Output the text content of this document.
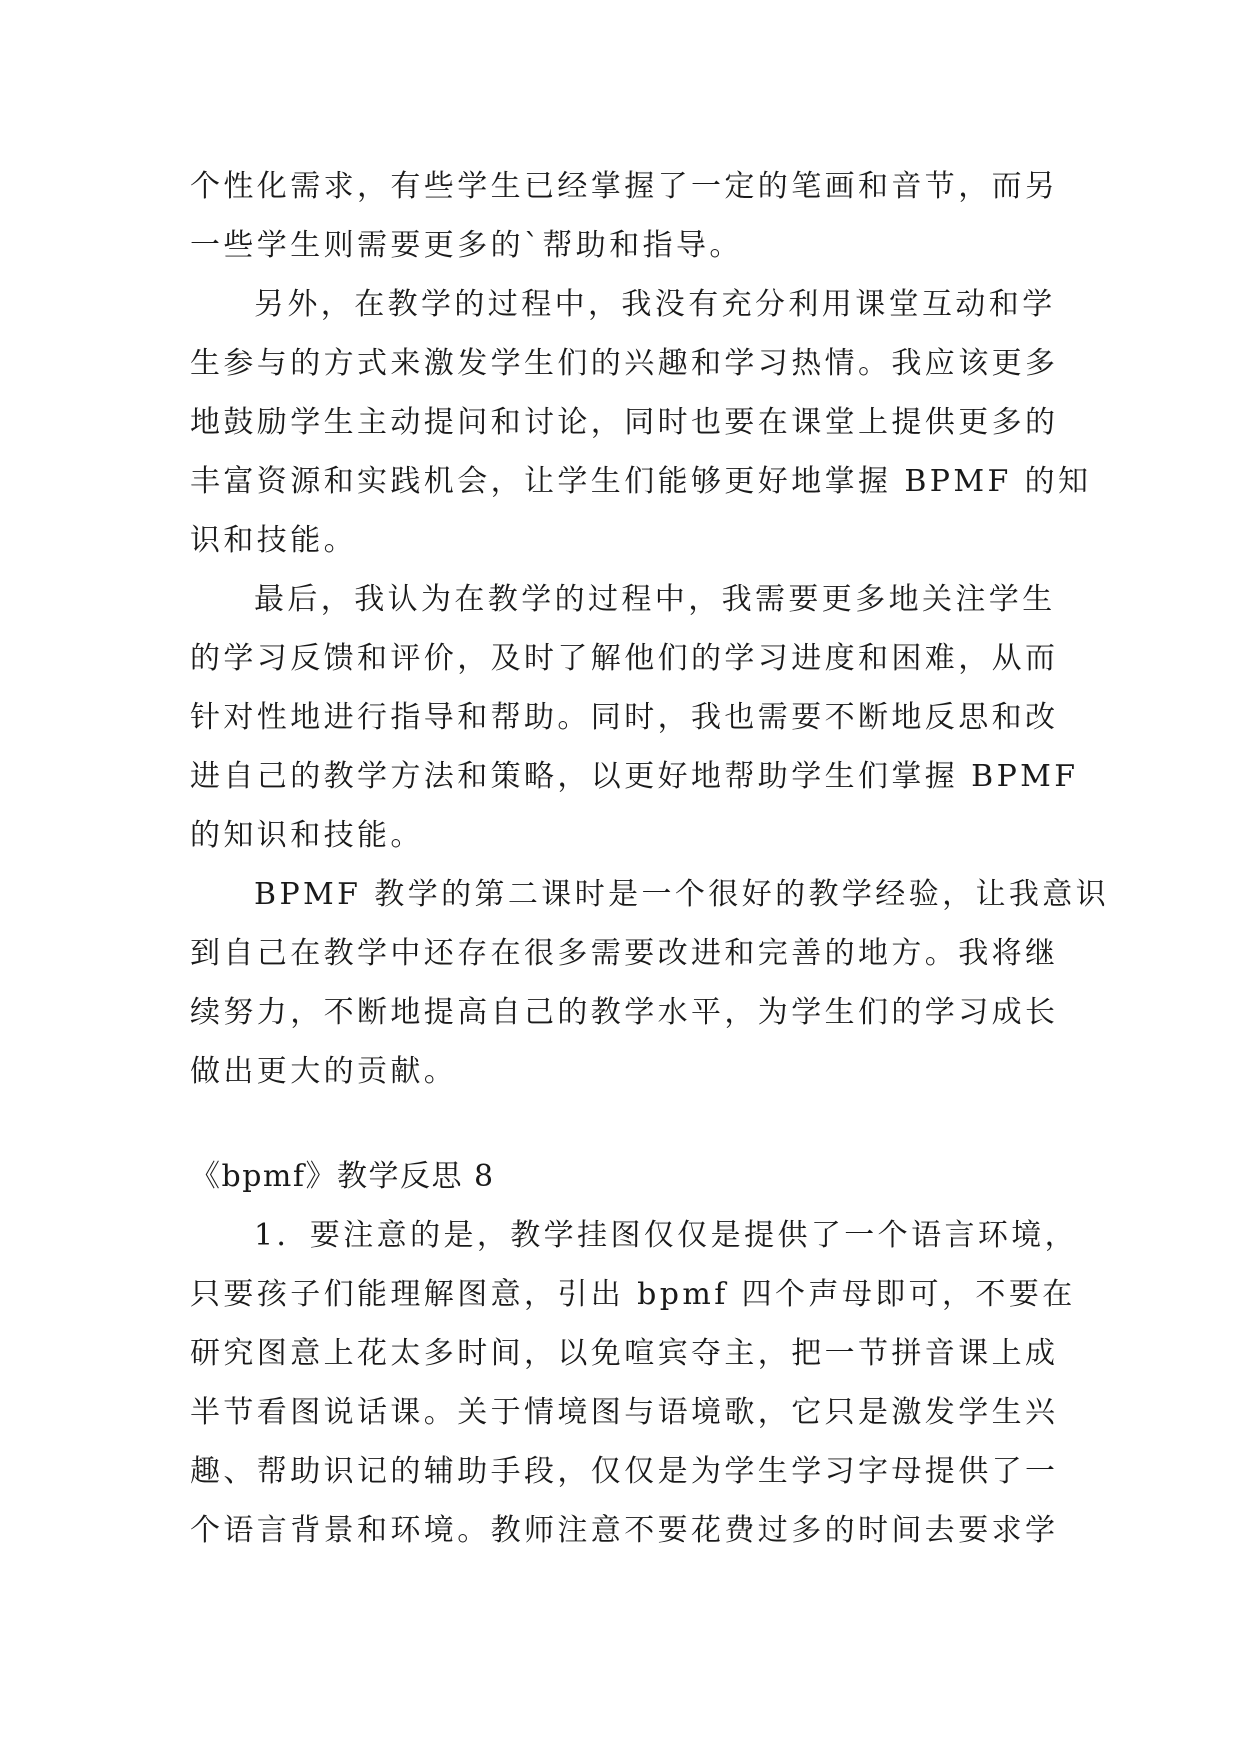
个性化需求，有些学生已经掌握了一定的笔画和音节，而另
一些学生则需要更多的`帮助和指导。
另外，在教学的过程中，我没有充分利用课堂互动和学
生参与的方式来激发学生们的兴趣和学习热情。我应该更多
地鼓励学生主动提问和讨论，同时也要在课堂上提供更多的
丰富资源和实践机会，让学生们能够更好地掌握 BPMF 的知
识和技能。
最后，我认为在教学的过程中，我需要更多地关注学生
的学习反馈和评价，及时了解他们的学习进度和困难，从而
针对性地进行指导和帮助。同时，我也需要不断地反思和改
进自己的教学方法和策略，以更好地帮助学生们掌握 BPMF
的知识和技能。
BPMF 教学的第二课时是一个很好的教学经验，让我意识
到自己在教学中还存在很多需要改进和完善的地方。我将继
续努力，不断地提高自己的教学水平，为学生们的学习成长
做出更大的贡献。
《bpmf》教学反思 8
1．要注意的是，教学挂图仅仅是提供了一个语言环境，
只要孩子们能理解图意，引出 bpmf 四个声母即可，不要在
研究图意上花太多时间，以免喧宾夺主，把一节拼音课上成
半节看图说话课。关于情境图与语境歌，它只是激发学生兴
趣、帮助识记的辅助手段，仅仅是为学生学习字母提供了一
个语言背景和环境。教师注意不要花费过多的时间去要求学
